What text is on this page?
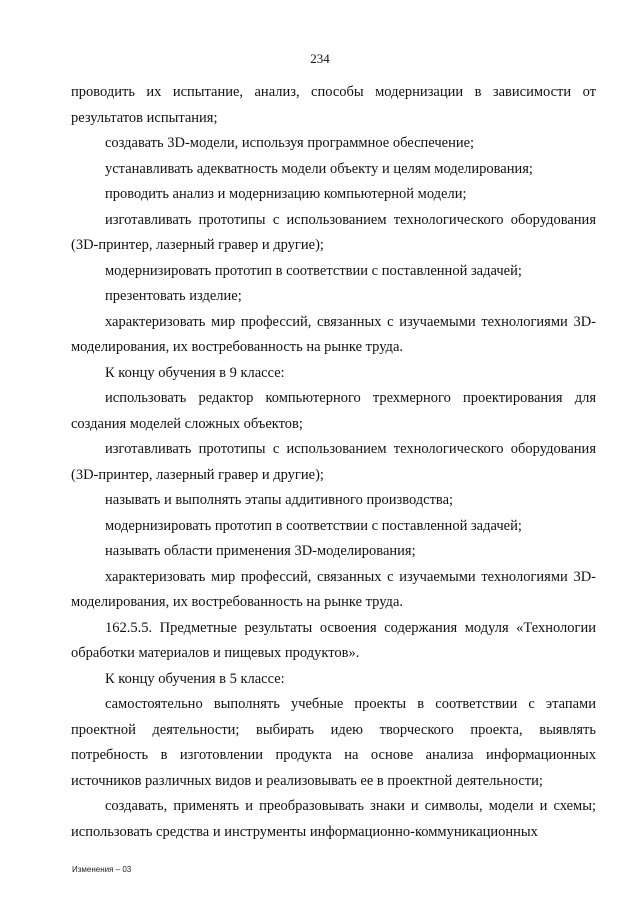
234

проводить их испытание, анализ, способы модернизации в зависимости от результатов испытания;

создавать 3D-модели, используя программное обеспечение;

устанавливать адекватность модели объекту и целям моделирования;

проводить анализ и модернизацию компьютерной модели;

изготавливать прототипы с использованием технологического оборудования (3D-принтер, лазерный гравер и другие);

модернизировать прототип в соответствии с поставленной задачей;

презентовать изделие;

характеризовать мир профессий, связанных с изучаемыми технологиями 3D-моделирования, их востребованность на рынке труда.

К концу обучения в 9 классе:

использовать редактор компьютерного трехмерного проектирования для создания моделей сложных объектов;

изготавливать прототипы с использованием технологического оборудования (3D-принтер, лазерный гравер и другие);

называть и выполнять этапы аддитивного производства;

модернизировать прототип в соответствии с поставленной задачей;

называть области применения 3D-моделирования;

характеризовать мир профессий, связанных с изучаемыми технологиями 3D-моделирования, их востребованность на рынке труда.

162.5.5. Предметные результаты освоения содержания модуля «Технологии обработки материалов и пищевых продуктов».

К концу обучения в 5 классе:

самостоятельно выполнять учебные проекты в соответствии с этапами проектной деятельности; выбирать идею творческого проекта, выявлять потребность в изготовлении продукта на основе анализа информационных источников различных видов и реализовывать ее в проектной деятельности;

создавать, применять и преобразовывать знаки и символы, модели и схемы; использовать средства и инструменты информационно-коммуникационных

Изменения – 03
